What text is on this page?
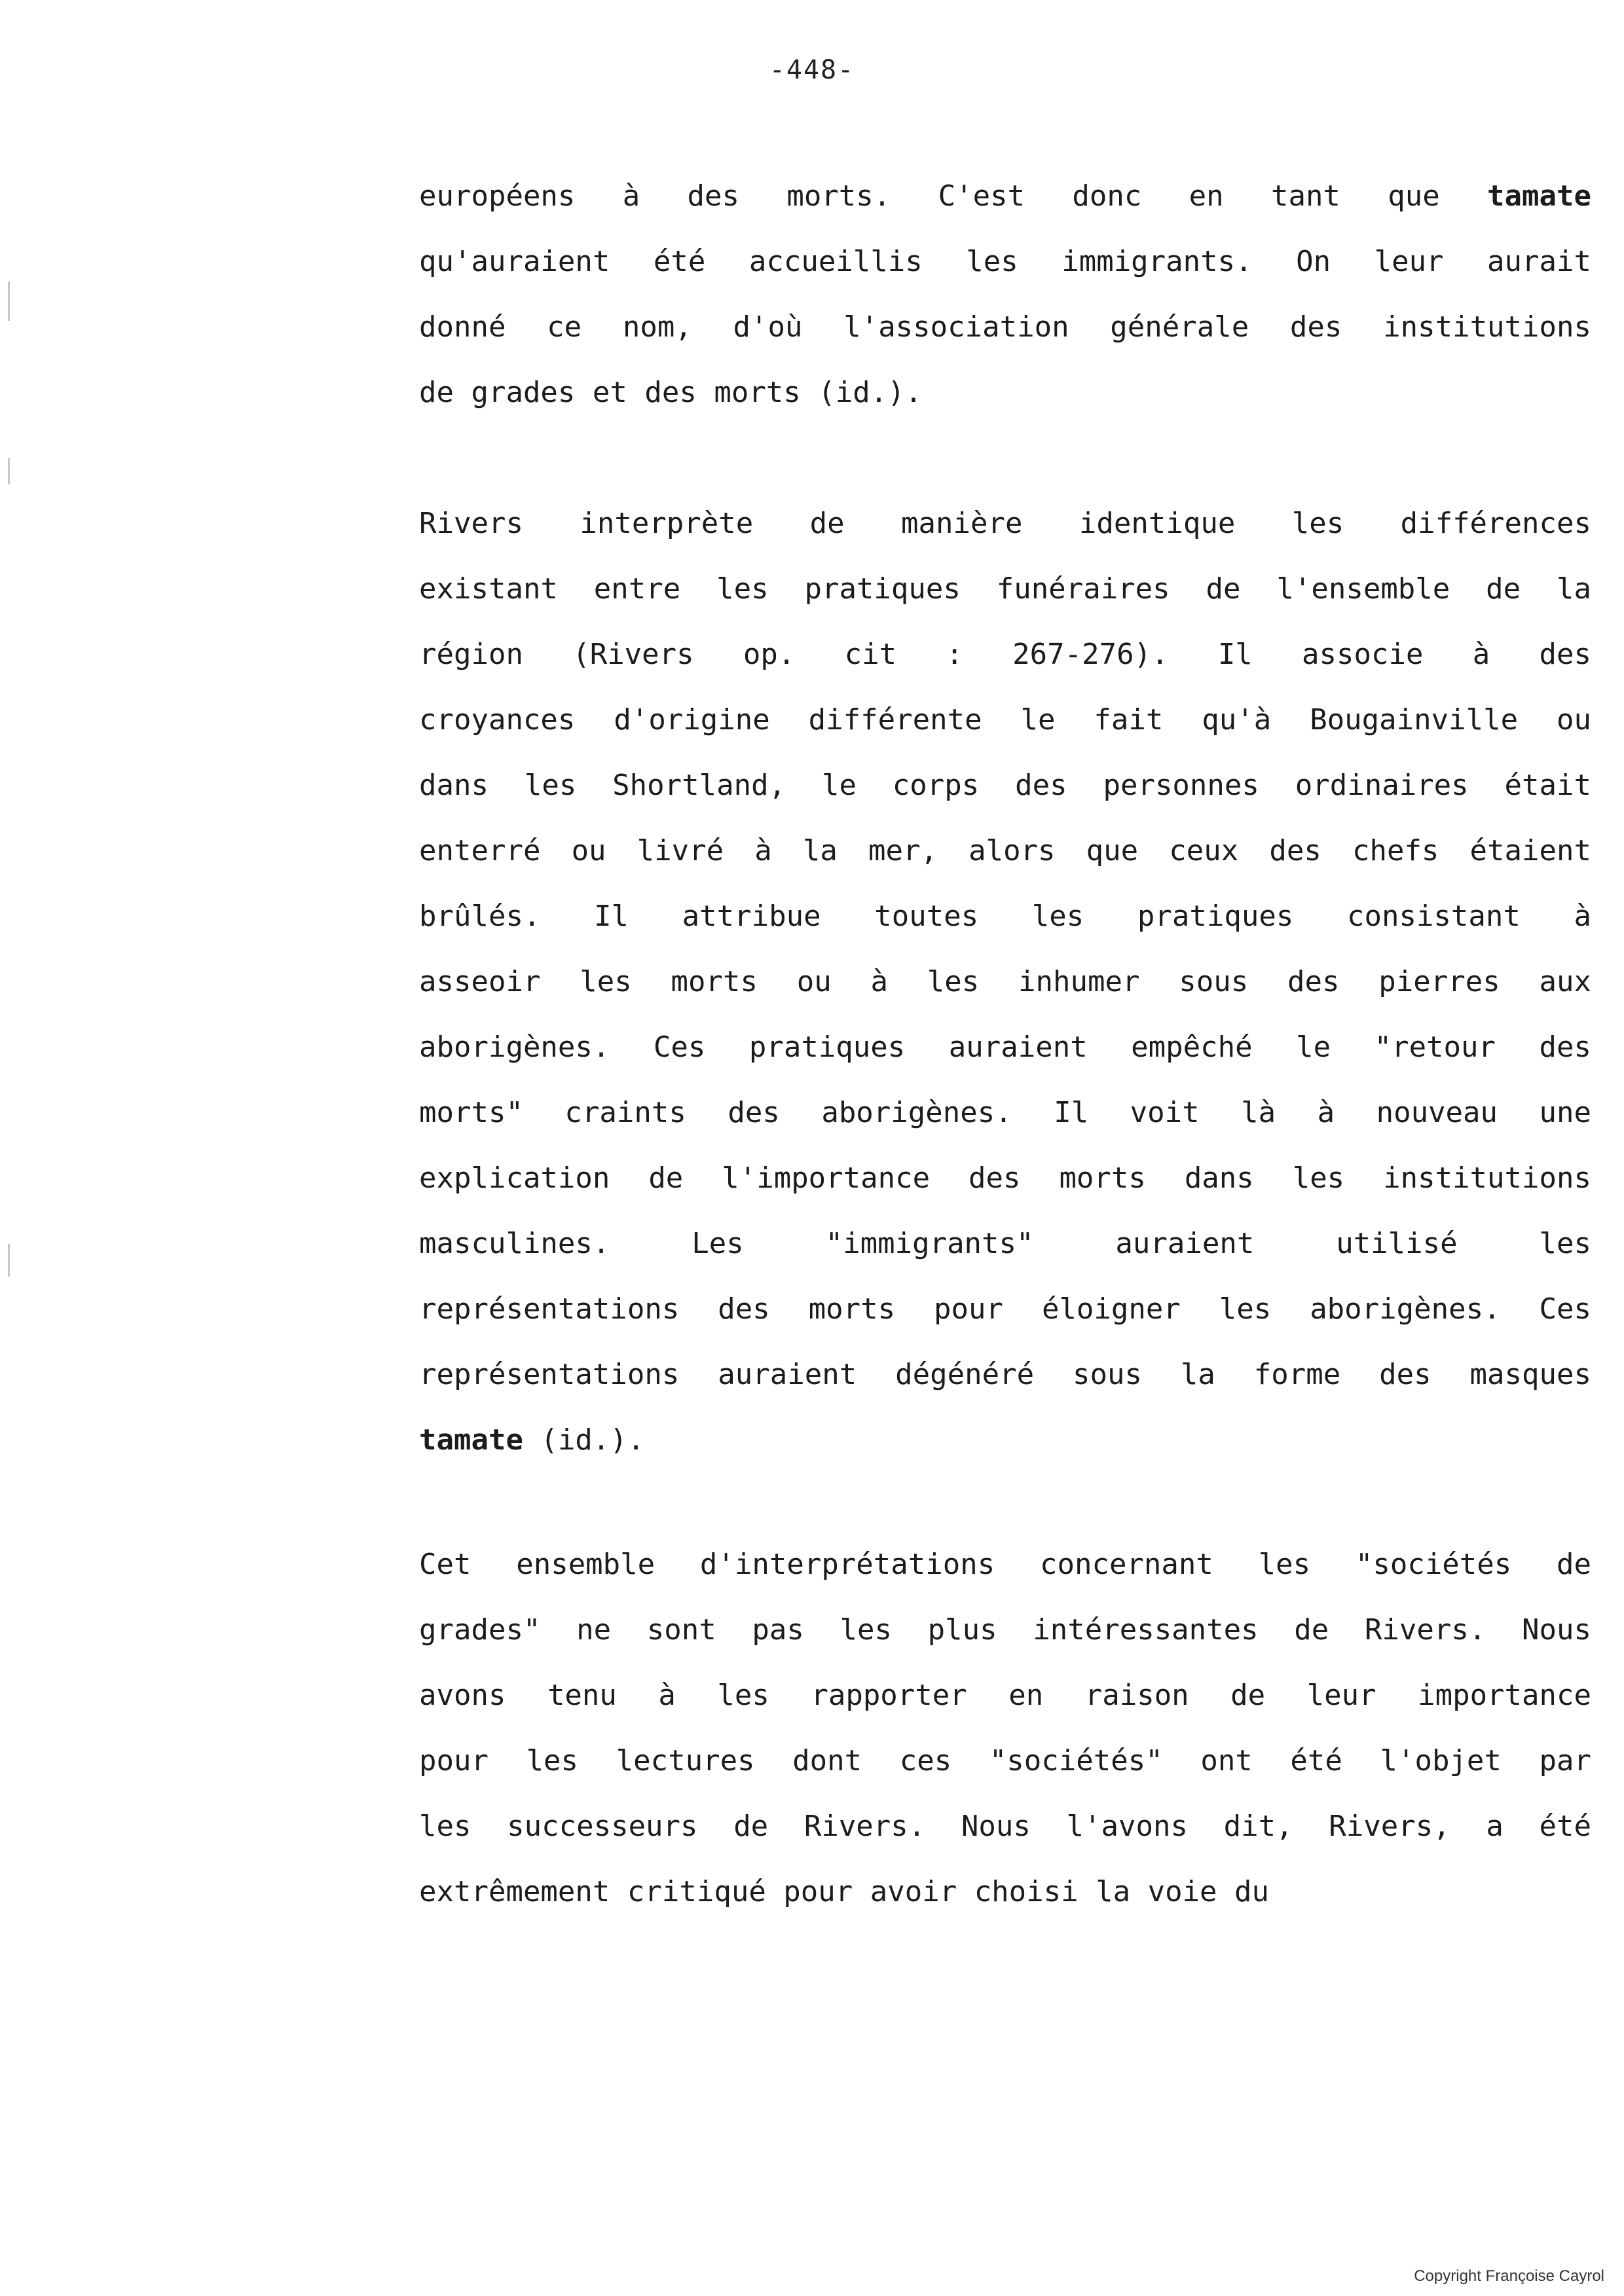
-448-
européens à des morts. C'est donc en tant que tamate
qu'auraient été accueillis les immigrants. On leur aurait
donné ce nom, d'où l'association générale des institutions
de grades et des morts (id.).
Rivers interprète de manière identique les différences
existant entre les pratiques funéraires de l'ensemble de la
région (Rivers op. cit : 267-276). Il associe à des
croyances d'origine différente le fait qu'à Bougainville ou
dans les Shortland, le corps des personnes ordinaires était
enterré ou livré à la mer, alors que ceux des chefs étaient
brûlés. Il attribue toutes les pratiques consistant à
asseoir les morts ou à les inhumer sous des pierres aux
aborigènes. Ces pratiques auraient empêché le "retour des
morts" craints des aborigènes. Il voit là à nouveau une
explication de l'importance des morts dans les institutions
masculines. Les "immigrants" auraient utilisé les
représentations des morts pour éloigner les aborigènes. Ces
représentations auraient dégénéré sous la forme des masques
tamate (id.).
Cet ensemble d'interprétations concernant les "sociétés de
grades" ne sont pas les plus intéressantes de Rivers. Nous
avons tenu à les rapporter en raison de leur importance
pour les lectures dont ces "sociétés" ont été l'objet par
les successeurs de Rivers. Nous l'avons dit, Rivers, a été
extrêmement critiqué pour avoir choisi la voie du
Copyright Françoise Cayrol
